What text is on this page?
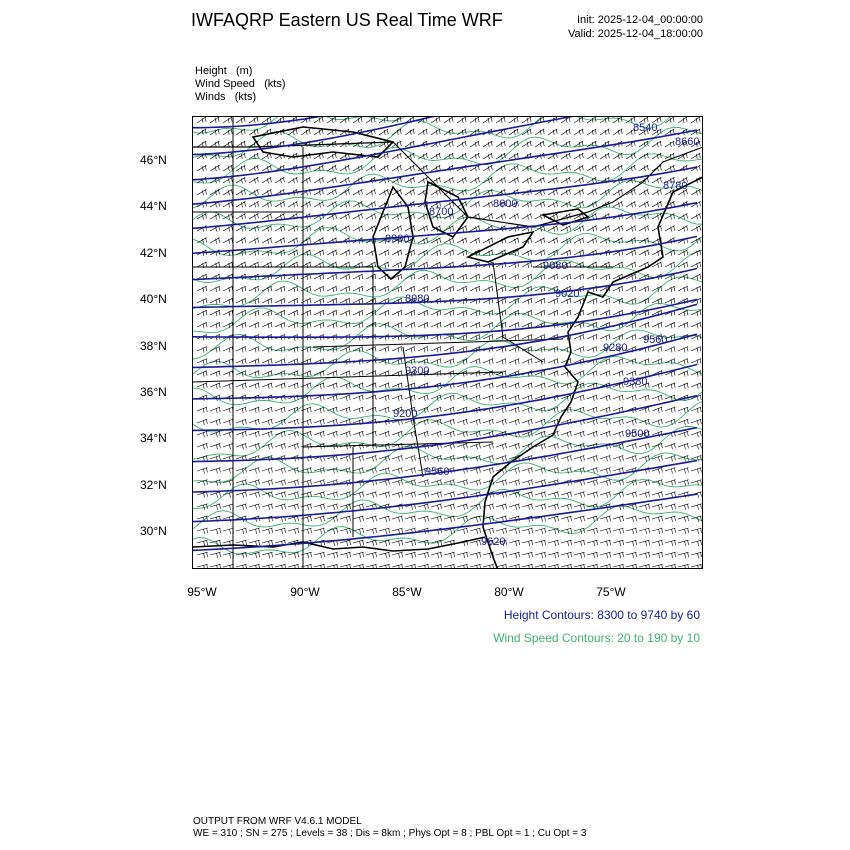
IWFAQRP Eastern US Real Time WRF	Init: 2025-12-04_00:00:00
Valid: 2025-12-04_18:00:00
Height   (m)
Wind Speed   (kts)
Winds   (kts)
8540
8660
8780
8700
8600
8900
8980
9080
9020
9280
9200
9380
9300
9500
9560
9620
9560
46°N
44°N
42°N
40°N
38°N
36°N
34°N
32°N
30°N
95°W	90°W	85°W	80°W	75°W
Height Contours: 8300 to 9740 by 60
Wind Speed Contours: 20 to 190 by 10
OUTPUT FROM WRF V4.6.1 MODEL
WE = 310 ; SN = 275 ; Levels = 38 ; Dis = 8km ; Phys Opt = 8 ; PBL Opt = 1 ; Cu Opt = 3
